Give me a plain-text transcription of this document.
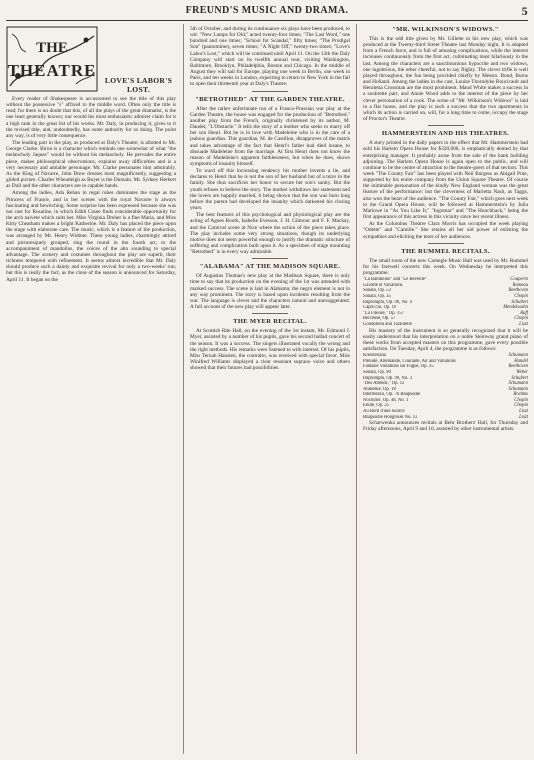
FREUND'S MUSIC AND DRAMA.	5
THE
THEATRE
LOVE'S LABOR'S LOST.

Every reader of Shakespeare is accustomed to see the title of this play without the possessive "s" affixed to the middle word. Often only the title is read; for there is no doubt that this, of all the plays of the great dramatist, is the one least generally known; nor would his most enthusiastic admirer claim for it a high rank in the great list of his works. Mr. Daly, in producing it, gives to it the revised title, and, undoubtedly, has some authority for so doing. The point any way, is of very little consequence.

The leading part in the play, as produced at Daly's Theatre, is allotted to Mr. George Clarke. Biron is a character which reminds one somewhat of what "the melancholy Jaques" would be without his melancholy. He pervades the entire piece, makes philosophical observations, explains away difficulties and is a very necessary and amiable personage. Mr. Clarke personates him admirably. As the King of Navarre, John Drew dresses most magnificently, suggesting a gilded picture. Charles Wheatleigh as Boyet is the Dumain. Mr. Sydney Herbert as Dull and the other characters are in capable hands.

Among the ladies, Ada Rehan in regal robes dominates the stage as the Princess of France, and in her scenes with the royal Navarre is always fascinating and bewitching. Some surprise has been expressed because she was not cast for Rosaline, in which Edith Crane finds considerable opportunity for the arch naivete which suits her. Miss Virginia Dreher is a fine Maria, and Miss Kitty Cheatham makes a bright Katherine. Mr. Daly has placed the piece upon the stage with elaborate care. The music, which is a feature of the production, was arranged by Mr. Henry Widmer. These young ladies, charmingly attired and picturesquely grouped, sing the round in the fourth act, to the accompaniment of mandolins, the voices of the alto sounding to special advantage. The scenery and costumes throughout the play are superb, their richness tempered with refinement. It seems almost incredible that Mr. Daly should produce such a dainty and exquisite revival for only a two-weeks' run; but this is really the fact, as the close of the season is announced for Saturday, April 11. It began on the

5th of October, and during its continuance six plays have been produced, to wit: "New Lamps for Old," acted twenty-four times; "The Last Word," one hundred and one times; "School for Scandal," fifty times; "The Prodigal Son" (pantomime), seven times; "A Night Off," twenty-two times; "Love's Labor's Lost," which will be continued until April 11. On the 13th the Daly Company will start on its twelfth annual tour, visiting Washington, Baltimore, Brooklyn, Philadelphia, Boston and Chicago. In the middle of August they will sail for Europe, playing one week in Berlin, one week in Paris, and ten weeks in London, expecting to return to New York in the fall to open their thirteenth year at Daly's Theatre.

"BETROTHED" AT THE GARDEN THEATRE.

After the rather unfortunate run of a Franco-Prussian war play at the Garden Theatre, the house was engaged for the production of "Betrothed," another play from the French, originally christened by its author, M. Daudet, "L'Obstacle." It tells the story of a mother who seeks to marry off her son Henri. But he is in love with Madeleine who is in the care of a jealous guardian. This guardian, M. de Castillon, disapproves of the match and takes advantage of the fact that Henri's father had died insane, to dissuade Madeleine from the marriage. At first Henri does not know the reason of Madeleine's apparent faithlessness, but when he does, shows symptoms of insanity himself.

To ward off this increasing tendency his mother invents a lie, and declares to Henri that he is not the son of her husband but of a tutor in the family. She thus sacrifices her honor to secure her son's sanity. But the youth refuses to believe the story. The mother withdraws her statement and the lovers are happily married, it being shown that the son was born long before the parent had developed the insanity which darkened his closing years.

The best features of this psychological and physiological play are the acting of Agnes Booth, Isabelle Evesson, J. H. Gilmour and F. F. Mackay, and the Carnival scene at Nice where the action of the piece takes place. The play includes some very strong situations, though its underlying motive does not seem powerful enough to justify the dramatic structure of suffering and complication built upon it. As a specimen of stage mounting "Betrothed" is in every way admirable.

"ALABAMA" AT THE MADISON SQUARE.

Of Augustus Thomas's new play at the Madison Square, there is only time to say that its production on the evening of the 1st was attended with marked success. The scene is laid in Alabama; the negro element is not in any way prominent. The story is based upon incidents resulting from the war. The language is clever and the characters natural and unexaggerated. A full account of the new play will appear later.

THE MYER RECITAL.

At Scottish Rite Hall, on the evening of the 1st instant, Mr. Edmund J. Myer, assisted by a number of his pupils, gave his second ballad concert of the season. It was a success. The singers illustrated vocally the wrong and the right methods. His remarks were listened to with interest. Of his pupils, Miss Ternah Hansien, the contralto, was received with special favor. Miss Winifred Williams displayed a clear resonant soprano voice and others showed that their futures had possibilities.

"MR. WILKINSON'S WIDOWS."

This is the odd title given by Mr. Gillette to his new play, which was produced at the Twenty-third Street Theatre last Monday night. It is adapted from a French farce, and is full of amusing complications, while the interest increases continuously from the first act, culminating most hilariously in the last. Among the characters are a sanctimonious hypocrite and two widows, one lugubrious, the other cheerful, not to say flighty. The clever trifle is well played throughout, the fun being provided chiefly by Messrs. Bond, Burns and Holland. Among the ladies in the cast, Louise Thorndyke Boucicault and Henrietta Crossman are the most prominent. Maud White makes a success in a soubrette part, and Annie Wood adds to the interest of the piece by her clever personation of a cook. The scene of "Mr. Wilkinson's Widows" is laid in a flat house, and the play is such a success that the two apartments in which its action is carried on, will, for a long time to come, occupy the stage of Proctor's Theatre.

HAMMERSTEIN AND HIS THEATRES.

A story printed in the daily papers to the effect that Mr. Hammerstein had sold his Harlem Opera House for $320,000, is emphatically denied by that enterprising manager. It probably arose from the sale of the bank building adjoining. The Harlem Opera House is again open to the public, and will continue to be the centre of attraction to the theatre-goers of that section. This week "The County Fair" has been played with Neil Burgess as Abigail Prue, supported by his entire company from the Union Square Theatre. Of course the inimitable personation of the kindly New England woman was the great feature of the performance; but the cleverness of Marietta Nash, as Taggs, also won the heart of the audience. "The County Fair," which goes next week to the Grand Opera House, will be followed at Hammerstein's by Julia Marlowe in "As You Like It," "Ingomar" and "The Hunchback," being the first appearance of this actress in this vicinity since her recent illness.

At the Columbus Theatre Clara Morris has occupied the week playing "Odette" and "Camille." She retains all her old power of enlisting the sympathies and eliciting the tears of her audiences.

THE RUMMEL RECITALS.

The small room of the new Carnegie Music Hall was used by Mr. Rummel for his farewell concerts this week. On Wednesday he interpreted this programme:

"La Bandoline" and "Le Reveille"	Couperin
Gavotte et Variations	Rameau
Sonata, Op. 53	Beethoven
Sonata, Op. 35	Chopin
Impromptu, Op. 90, No. 4	Schubert
Capriccio, Op. 16	Mendelssohn
"La Fileuse," Op. 157	Raff
Berceuse, Op. 57	Chopin
Gondoliera and Tarantelle	Liszt

His mastery of the instrument is so generally recognized that it will be easily understood that his interpretation on a noble Steinway grand piano of these works from accepted masters on this programme, gave every possible satisfaction. On Tuesday, April 4, the programme is as follows:

Kreisleriana	Schumann
Prelude, Allemande, Courante, Air and Variations	Handel
Fantasie Variations sur Fugue, Op. 35	Beethoven
Sonata, Op. 90	Weber
Impromptu, Op. 90, No. 3	Schubert
"Des Abends," Op. 12	Schumann
Arabeske, Op. 18	Schumann
Intermezzo, Op. 76 Rhapsodie	Brahms
Nocturne, Op. 48, No. 1	Chopin
Etude, Op. 25	Chopin
Au Bord d'une Source	Liszt
Rhapsodie Hongroise No. 12	Liszt

Scharwenka announces recitals at Behr Brothers' Hall, for Thursday and Friday afternoons, April 9 and 10, assisted by other instrumental artists.
